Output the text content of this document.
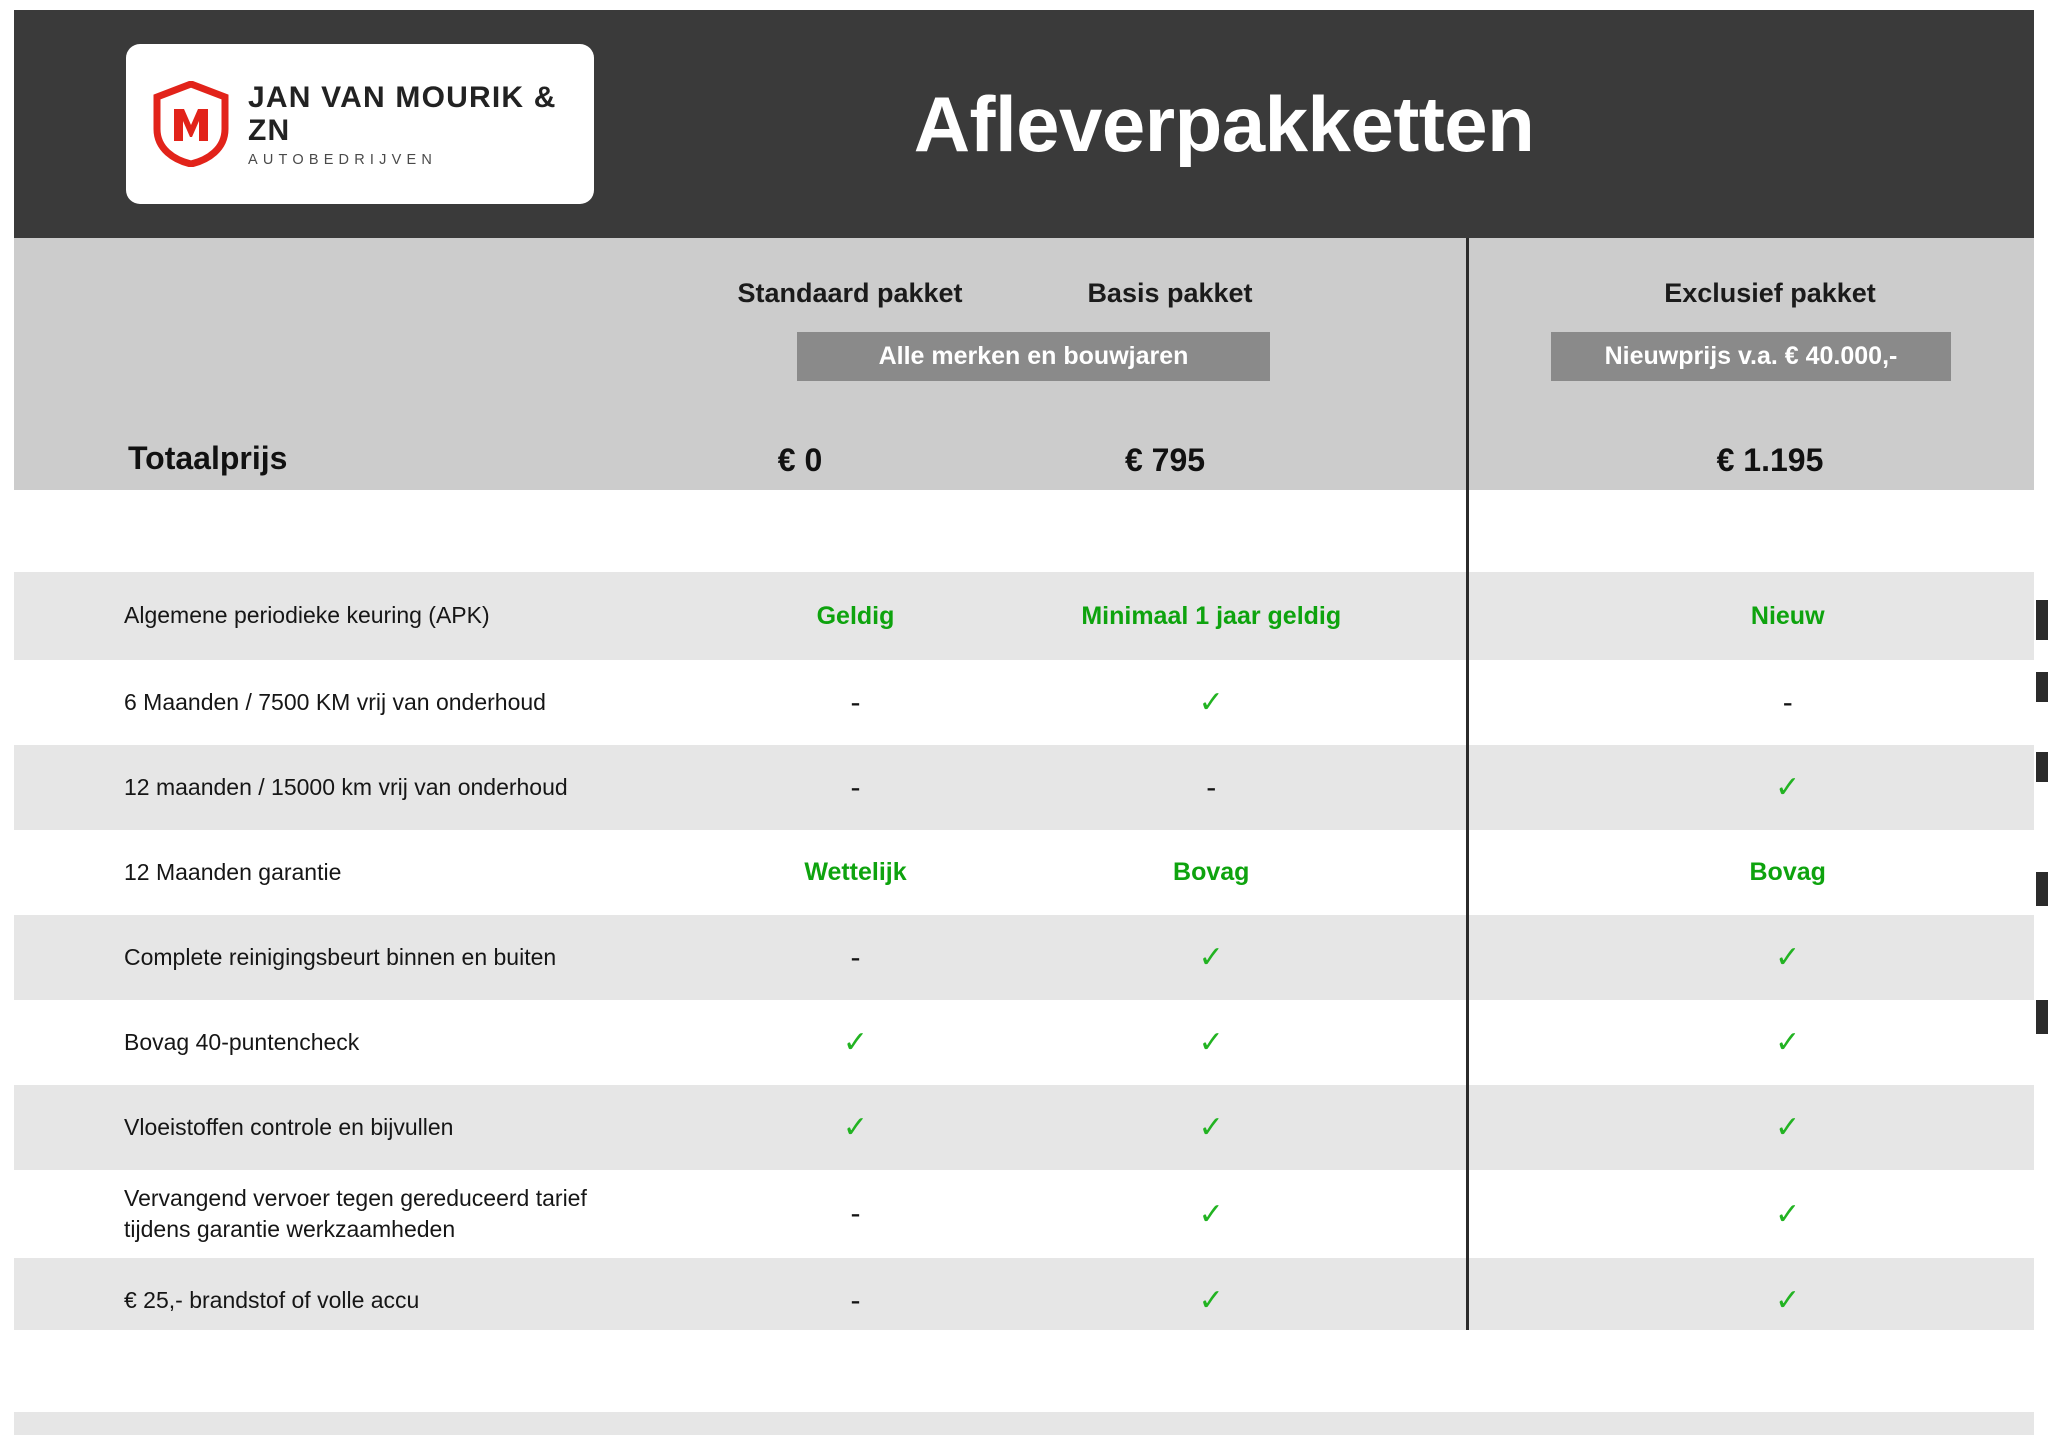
JAN VAN MOURIK & ZN
AUTOBEDRIJVEN	Afleverpakketten
Standaard pakket	Basis pakket	Exclusief pakket
Alle merken en bouwjaren	Nieuwprijs v.a. € 40.000,-
Totaalprijs	€ 0	€ 795	€ 1.195
Algemene periodieke keuring (APK)	Geldig	Minimaal 1 jaar geldig	Nieuw
6 Maanden / 7500 KM vrij van onderhoud	-	✓	-
12 maanden / 15000 km vrij van onderhoud	-	-	✓
12 Maanden garantie	Wettelijk	Bovag	Bovag
Complete reinigingsbeurt binnen en buiten	-	✓	✓
Bovag 40-puntencheck	✓	✓	✓
Vloeistoffen controle en bijvullen	✓	✓	✓
Vervangend vervoer tegen gereduceerd tarief tijdens garantie werkzaamheden	-	✓	✓
€ 25,- brandstof of volle accu	-	✓	✓
